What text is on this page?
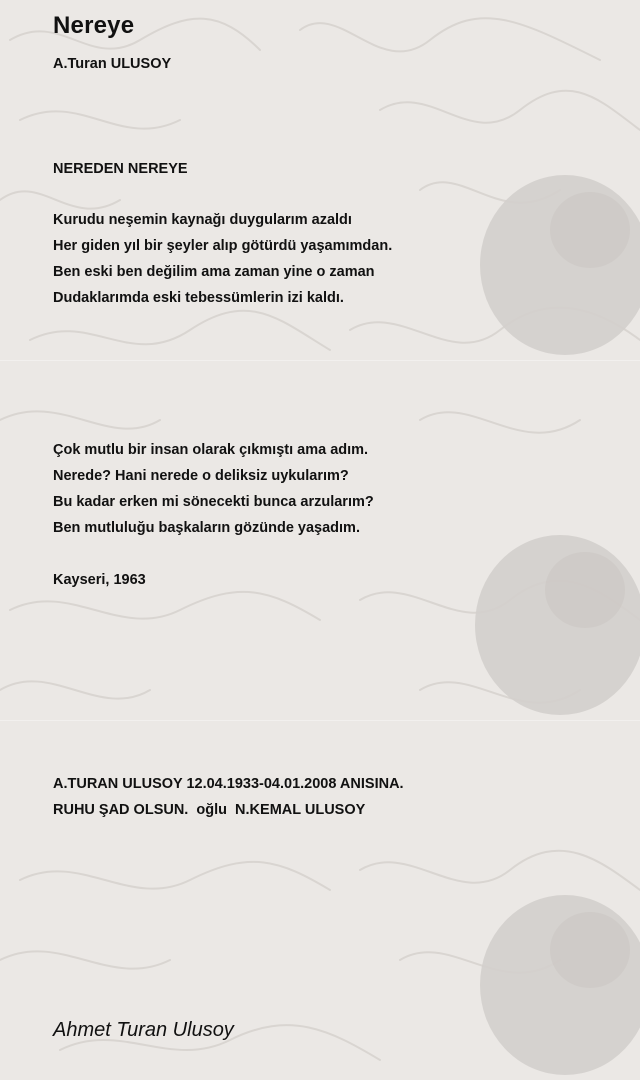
Nereye
A.Turan ULUSOY
NEREDEN NEREYE
Kurudu neşemin kaynağı duygularım azaldı
Her giden yıl bir şeyler alıp götürdü yaşamımdan.
Ben eski ben değilim ama zaman yine o zaman
Dudaklarımda eski tebessümlerin izi kaldı.
Çok mutlu bir insan olarak çıkmıştı ama adım.
Nerede? Hani nerede o deliksiz uykularım?
Bu kadar erken mi sönecekti bunca arzularım?
Ben mutluluğu başkaların gözünde yaşadım.
Kayseri, 1963
A.TURAN ULUSOY 12.04.1933-04.01.2008 ANISINA.
RUHU ŞAD OLSUN.  oğlu  N.KEMAL ULUSOY
Ahmet Turan Ulusoy
